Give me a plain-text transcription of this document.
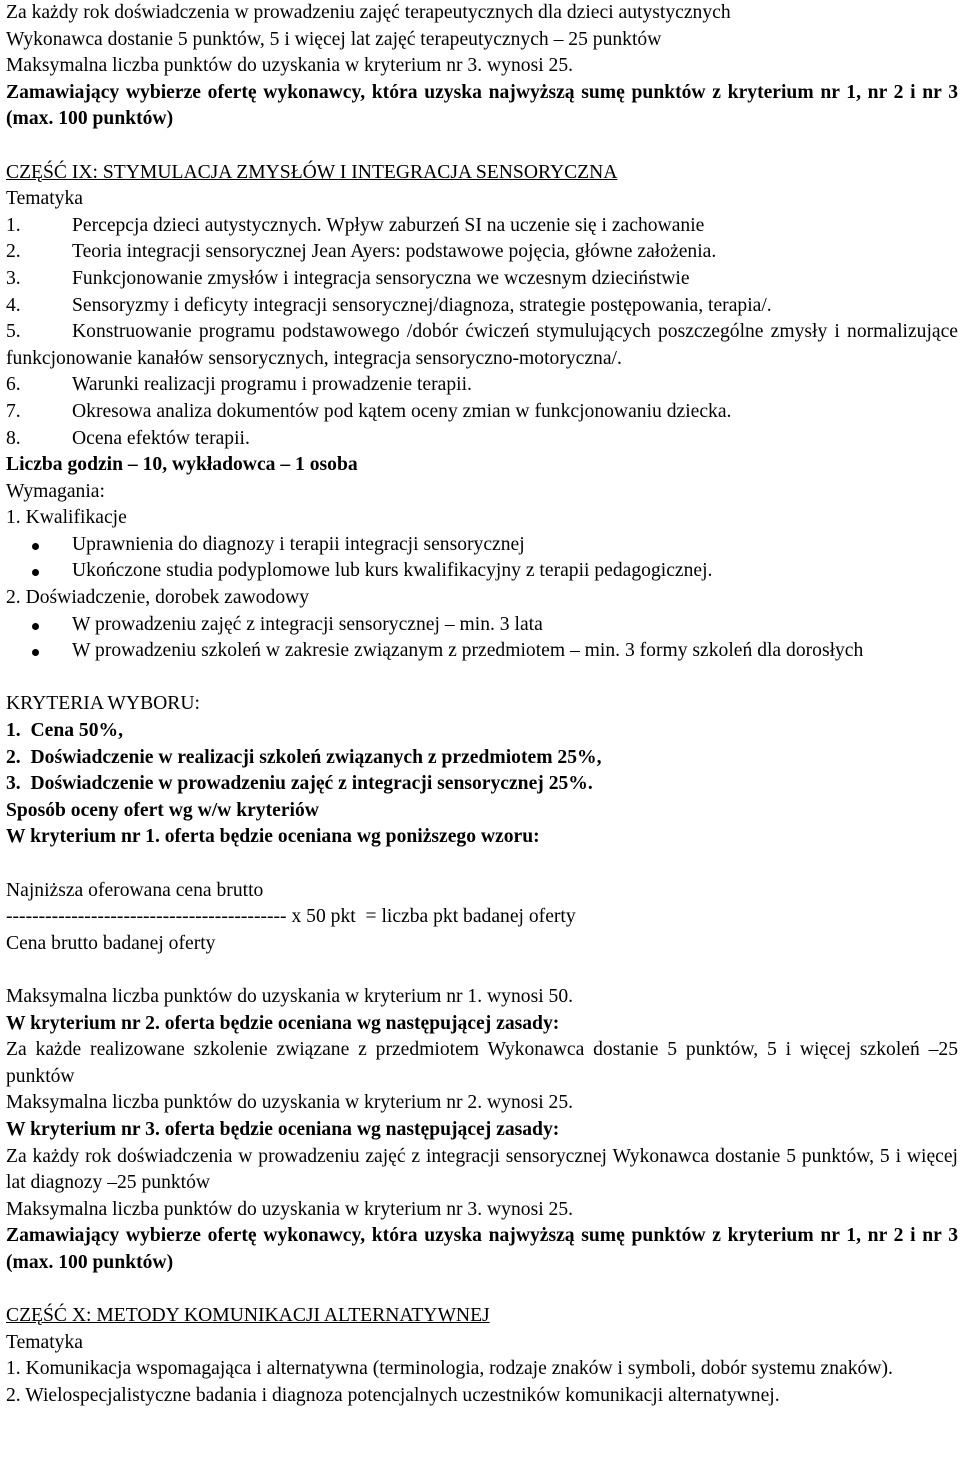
Za każdy rok doświadczenia w prowadzeniu zajęć terapeutycznych dla dzieci autystycznych

Wykonawca dostanie 5 punktów, 5 i więcej lat zajęć terapeutycznych – 25 punktów

Maksymalna liczba punktów do uzyskania w kryterium nr 3. wynosi 25.

Zamawiający wybierze ofertę wykonawcy, która uzyska najwyższą sumę punktów z kryterium nr 1, nr 2 i nr 3 (max. 100 punktów)

CZĘŚĆ IX: STYMULACJA ZMYSŁÓW I INTEGRACJA SENSORYCZNA

Tematyka

1.	Percepcja dzieci autystycznych. Wpływ zaburzeń SI na uczenie się i zachowanie
2.	Teoria integracji sensorycznej Jean Ayers: podstawowe pojęcia, główne założenia.
3.	Funkcjonowanie zmysłów i integracja sensoryczna we wczesnym dzieciństwie
4.	Sensoryzmy i deficyty integracji sensorycznej/diagnoza, strategie postępowania, terapia/.

5.	Konstruowanie programu podstawowego /dobór ćwiczeń stymulujących poszczególne zmysły i normalizujące funkcjonowanie kanałów sensorycznych, integracja sensoryczno-motoryczna/.

6.	Warunki realizacji programu i prowadzenie terapii.
7.	Okresowa analiza dokumentów pod kątem oceny zmian w funkcjonowaniu dziecka.
8.	Ocena efektów terapii.

Liczba godzin – 10, wykładowca – 1 osoba

Wymagania:

1. Kwalifikacje

Uprawnienia do diagnozy i terapii integracji sensorycznej
Ukończone studia podyplomowe lub kurs kwalifikacyjny z terapii pedagogicznej.

2. Doświadczenie, dorobek zawodowy

W prowadzeniu zajęć z integracji sensorycznej – min. 3 lata
W prowadzeniu szkoleń w zakresie związanym z przedmiotem – min. 3 formy szkoleń dla dorosłych

KRYTERIA WYBORU:

1.  Cena 50%,

2.  Doświadczenie w realizacji szkoleń związanych z przedmiotem 25%,

3.  Doświadczenie w prowadzeniu zajęć z integracji sensorycznej 25%.

Sposób oceny ofert wg w/w kryteriów

W kryterium nr 1. oferta będzie oceniana wg poniższego wzoru:

Najniższa oferowana cena brutto

------------------------------------------- x 50 pkt  = liczba pkt badanej oferty

Cena brutto badanej oferty

Maksymalna liczba punktów do uzyskania w kryterium nr 1. wynosi 50.

W kryterium nr 2. oferta będzie oceniana wg następującej zasady:

Za każde realizowane szkolenie związane z przedmiotem Wykonawca dostanie 5 punktów, 5 i więcej szkoleń –25 punktów

Maksymalna liczba punktów do uzyskania w kryterium nr 2. wynosi 25.

W kryterium nr 3. oferta będzie oceniana wg następującej zasady:

Za każdy rok doświadczenia w prowadzeniu zajęć z integracji sensorycznej Wykonawca dostanie 5 punktów, 5 i więcej lat diagnozy –25 punktów

Maksymalna liczba punktów do uzyskania w kryterium nr 3. wynosi 25.

Zamawiający wybierze ofertę wykonawcy, która uzyska najwyższą sumę punktów z kryterium nr 1, nr 2 i nr 3 (max. 100 punktów)

CZĘŚĆ X: METODY KOMUNIKACJI ALTERNATYWNEJ

Tematyka

1. Komunikacja wspomagająca i alternatywna (terminologia, rodzaje znaków i symboli, dobór systemu znaków).

2. Wielospecjalistyczne badania i diagnoza potencjalnych uczestników komunikacji alternatywnej.
